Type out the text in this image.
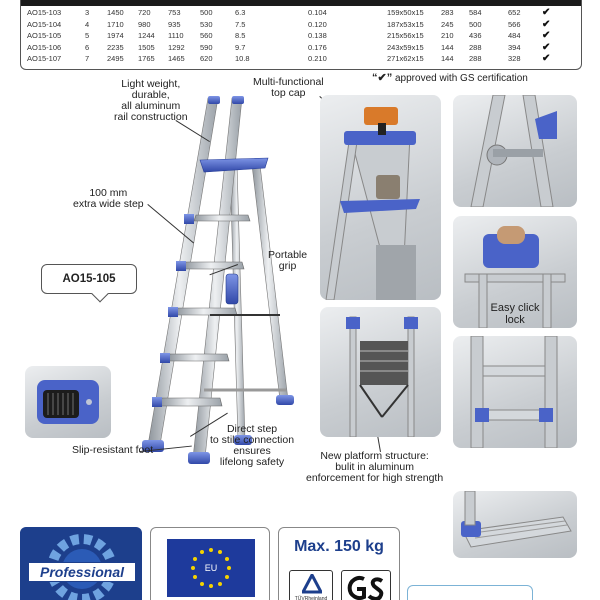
AO15-103	3 1450 720 753	500	6.3	0.104	159x50x15 283 584	652 ✔
AO15-104	4 1710 980 935	530	7.5	0.120	187x53x15 245 500	566 ✔
AO15-105	5 1974 1244 1110 560	8.5	0.138	215x56x15 210 436	484 ✔
AO15-106	6 2235 1505 1292 590	9.7	0.176	243x59x15 144 288	394 ✔
AO15-107	7 2495 1765 1465 620	10.8	0.210	271x62x15 144 288	328 ✔
“✔” approved with GS certification
Light weight,
durable,
all aluminum
rail construction
Multi-functional
top cap
100 mm
extra wide step
Portable
grip
Slip-resistant foot
Direct step
to stile connection
ensures
lifelong safety	New platform structure:
bulit in aluminum
enforcement for high strength
AO15-105
Easy click
lock
Professional	EU
Max. 150 kg
TÜVRheinland
